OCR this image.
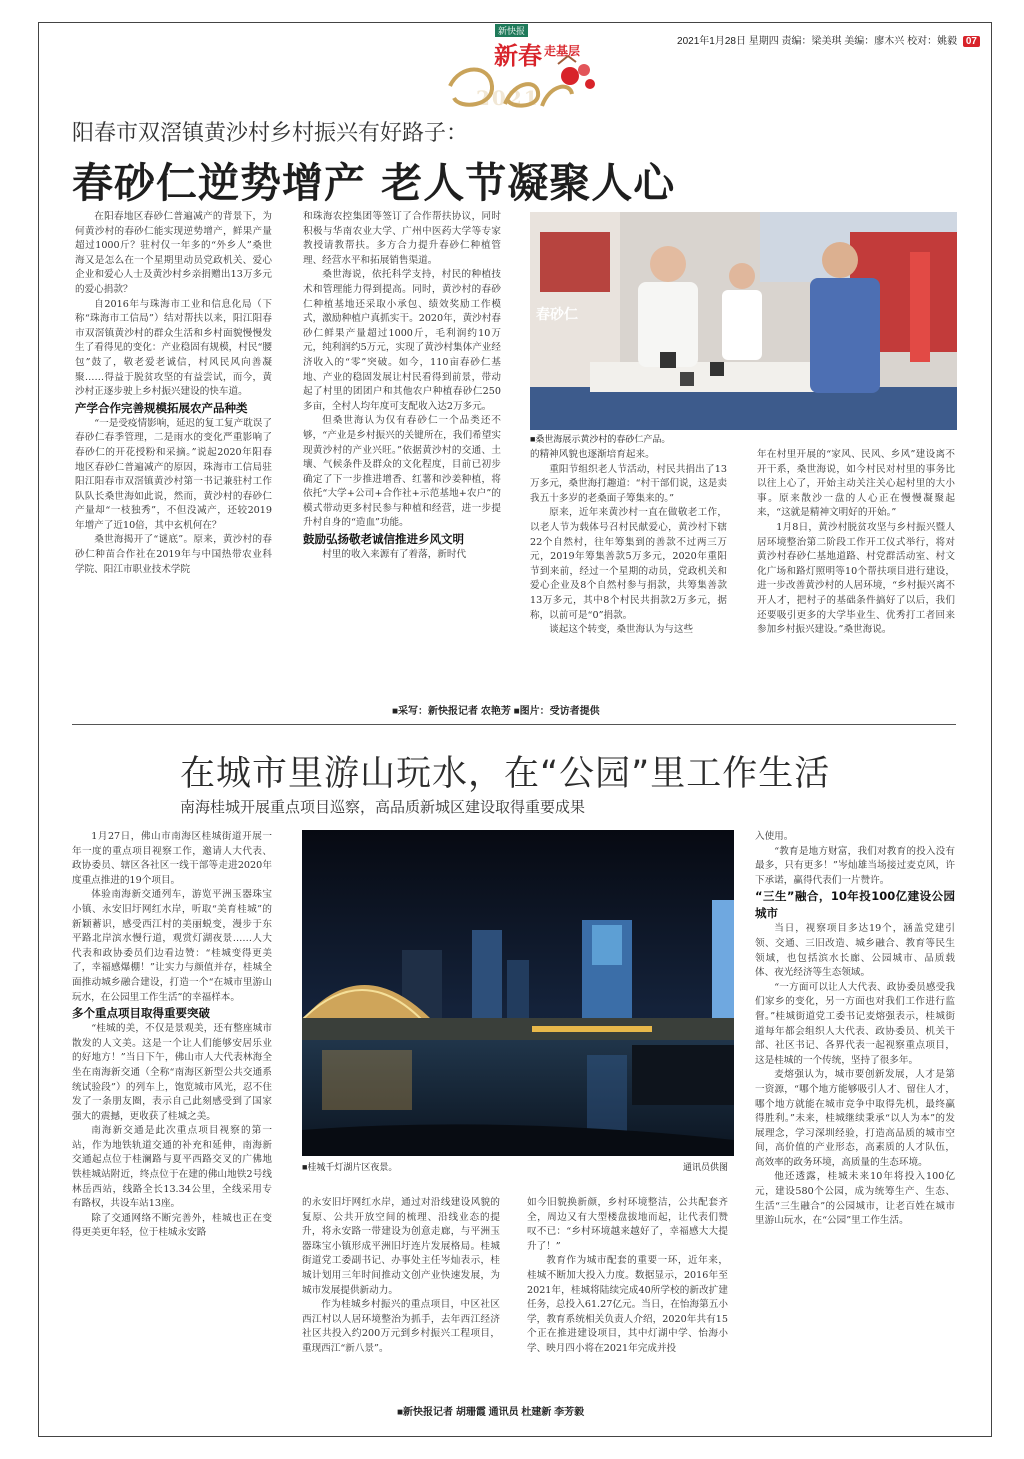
新快报
新春 走基层
2021
2021年1月28日 星期四 责编：梁美琪 美编：廖木兴 校对：姚毅 07
阳春市双滘镇黄沙村乡村振兴有好路子：
春砂仁逆势增产 老人节凝聚人心

在阳春地区春砂仁普遍减产的背景下，为何黄沙村的春砂仁能实现逆势增产，鲜果产量超过1000斤？驻村仅一年多的“外乡人”桑世海又是怎么在一个星期里动员党政机关、爱心企业和爱心人士及黄沙村乡亲捐赠出13万多元的爱心捐款？

自2016年与珠海市工业和信息化局（下称“珠海市工信局”）结对帮扶以来，阳江阳春市双滘镇黄沙村的群众生活和乡村面貌慢慢发生了看得见的变化：产业稳固有规模，村民“腰包”鼓了，敬老爱老诚信，村风民风向善凝聚……得益于脱贫攻坚的有益尝试，而今，黄沙村正逐步驶上乡村振兴建设的快车道。

产学合作完善规模拓展农产品种类

“一是受疫情影响，延迟的复工复产耽误了春砂仁春季管理，二是雨水的变化严重影响了春砂仁的开花授粉和采摘。”说起2020年阳春地区春砂仁普遍减产的原因，珠海市工信局驻阳江阳春市双滘镇黄沙村第一书记兼驻村工作队队长桑世海如此说，然而，黄沙村的春砂仁产量却“一枝独秀”，不但没减产，还较2019年增产了近10倍，其中玄机何在？

桑世海揭开了“谜底”。原来，黄沙村的春砂仁种苗合作社在2019年与中国热带农业科学院、阳江市职业技术学院

和珠海农控集团等签订了合作帮扶协议，同时积极与华南农业大学、广州中医药大学等专家教授请教帮扶。多方合力提升春砂仁种植管理、经营水平和拓展销售渠道。

桑世海说，依托科学支持，村民的种植技术和管理能力得到提高。同时，黄沙村的春砂仁种植基地还采取小承包、绩效奖励工作模式，激励种植户真抓实干。2020年，黄沙村春砂仁鲜果产量超过1000斤，毛利润约10万元，纯利润约5万元，实现了黄沙村集体产业经济收入的“零”突破。如今，110亩春砂仁基地、产业的稳固发展让村民看得到前景，带动起了村里的团团户和其他农户种植春砂仁250多亩，全村人均年度可支配收入达2万多元。

但桑世海认为仅有春砂仁一个品类还不够，“产业是乡村振兴的关键所在，我们希望实现黄沙村的产业兴旺。”依据黄沙村的交通、土壤、气候条件及群众的文化程度，目前已初步确定了下一步推进增香、红薯和沙姜种植，将依托“大学+公司+合作社+示范基地+农户”的模式带动更多村民参与种植和经营，进一步提升村自身的“造血”功能。

鼓励弘扬敬老诚信推进乡风文明

村里的收入来源有了着落，新时代

春砂仁
■桑世海展示黄沙村的春砂仁产品。

的精神风貌也逐渐培育起来。

重阳节组织老人节活动，村民共捐出了13万多元，桑世海打趣道：“村干部们说，这是卖我五十多岁的老桑面子筹集来的。”

原来，近年来黄沙村一直在做敬老工作，以老人节为载体号召村民献爱心，黄沙村下辖22个自然村，往年筹集到的善款不过两三万元，2019年筹集善款5万多元，2020年重阳节到来前，经过一个星期的动员，党政机关和爱心企业及8个自然村参与捐款，共筹集善款13万多元，其中8个村民共捐款2万多元，据称，以前可是“0”捐款。

谈起这个转变，桑世海认为与这些

年在村里开展的“家风、民风、乡风”建设离不开干系，桑世海说，如今村民对村里的事务比以往上心了，开始主动关注关心起村里的大小事。原来散沙一盘的人心正在慢慢凝聚起来，“这就是精神文明好的开始。”

1月8日，黄沙村脱贫攻坚与乡村振兴暨人居环境整治第二阶段工作开工仪式举行，将对黄沙村春砂仁基地道路、村党群活动室、村文化广场和路灯照明等10个帮扶项目进行建设，进一步改善黄沙村的人居环境，“乡村振兴离不开人才，把村子的基础条件搞好了以后，我们还要吸引更多的大学毕业生、优秀打工者回来参加乡村振兴建设。”桑世海说。

■采写：新快报记者 农艳芳 ■图片：受访者提供
在城市里游山玩水，在“公园”里工作生活
南海桂城开展重点项目巡察，高品质新城区建设取得重要成果

1月27日，佛山市南海区桂城街道开展一年一度的重点项目视察工作，邀请人大代表、政协委员、辖区各社区一线干部等走进2020年度重点推进的19个项目。

体验南海新交通列车，游览平洲玉器珠宝小镇、永安旧圩网红水岸，听取“美育桂城”的新颖蓄识，感受西江村的美丽蜕变，漫步于东平路北岸滨水慢行道，观赏灯湖夜景……人大代表和政协委员们边看边赞：“桂城变得更美了，幸福感爆棚！”让实力与颜值并存，桂城全面推动城乡融合建设，打造一个“在城市里游山玩水，在公园里工作生活”的幸福样本。

多个重点项目取得重要突破

“桂城的美，不仅是景观美，还有整座城市散发的人文美。这是一个让人们能够安居乐业的好地方！”当日下午，佛山市人大代表林海全坐在南海新交通（全称“南海区新型公共交通系统试验段”）的列车上，饱览城市风光，忍不住发了一条朋友圈，表示自己此刻感受到了国家强大的震撼，更收获了桂城之美。

南海新交通是此次重点项目视察的第一站，作为地铁轨道交通的补充和延伸，南海新交通起点位于桂澜路与夏平西路交叉的广佛地铁桂城站附近，终点位于在建的佛山地铁2号线林岳西站，线路全长13.34公里，全线采用专有路权，共设车站13座。

除了交通网络不断完善外，桂城也正在变得更美更年轻，位于桂城永安路

■桂城千灯湖片区夜景。	通讯员供图

的永安旧圩网红水岸，通过对沿线建设风貌的复原、公共开放空间的梳理、沿线业态的提升，将永安路一带建设为创意走廊，与平洲玉器珠宝小镇形成平洲旧圩连片发展格局。桂城街道党工委副书记、办事处主任岑灿表示，桂城计划用三年时间推动文创产业快速发展，为城市发展提供新动力。

作为桂城乡村振兴的重点项目，中区社区西江村以人居环境整治为抓手，去年西江经济社区共投入约200万元到乡村振兴工程项目，重现西江“新八景”。

如今旧貌换新颜，乡村环境整洁，公共配套齐全，周边又有大型楼盘拔地而起，让代表们赞叹不已：“乡村环境越来越好了，幸福感大大提升了！”

教育作为城市配套的重要一环，近年来，桂城不断加大投入力度。数据显示，2016年至2021年，桂城将陆续完成40所学校的新改扩建任务，总投入61.27亿元。当日，在怡海第五小学，教育系统相关负责人介绍，2020年共有15个正在推进建设项目，其中灯湖中学、怡海小学、映月四小将在2021年完成并投

入使用。

“教育是地方财富，我们对教育的投入没有最多，只有更多！”岑灿雄当场接过麦克风，许下承诺，赢得代表们一片赞许。

“三生”融合，10年投100亿建设公园城市

当日，视察项目多达19个，涵盖党建引领、交通、三旧改造、城乡融合、教育等民生领域，也包括滨水长廊、公园城市、品质载体、夜光经济等生态领域。

“一方面可以让人大代表、政协委员感受我们家乡的变化，另一方面也对我们工作进行监督。”桂城街道党工委书记麦熔强表示，桂城街道每年都会组织人大代表、政协委员、机关干部、社区书记、各界代表一起视察重点项目，这是桂城的一个传统，坚持了很多年。

麦熔强认为，城市要创新发展，人才是第一资源，“哪个地方能够吸引人才、留住人才，哪个地方就能在城市竞争中取得先机，最终赢得胜利。”未来，桂城继续秉承“以人为本”的发展理念，学习深圳经验，打造高品质的城市空间，高价值的产业形态，高素质的人才队伍，高效率的政务环境，高质量的生态环境。

他还透露，桂城未来10年将投入100亿元，建设580个公园，成为统筹生产、生态、生活“三生融合”的公园城市，让老百姓在城市里游山玩水，在“公园”里工作生活。

■新快报记者 胡珊霞 通讯员 杜建新 李芳毅
